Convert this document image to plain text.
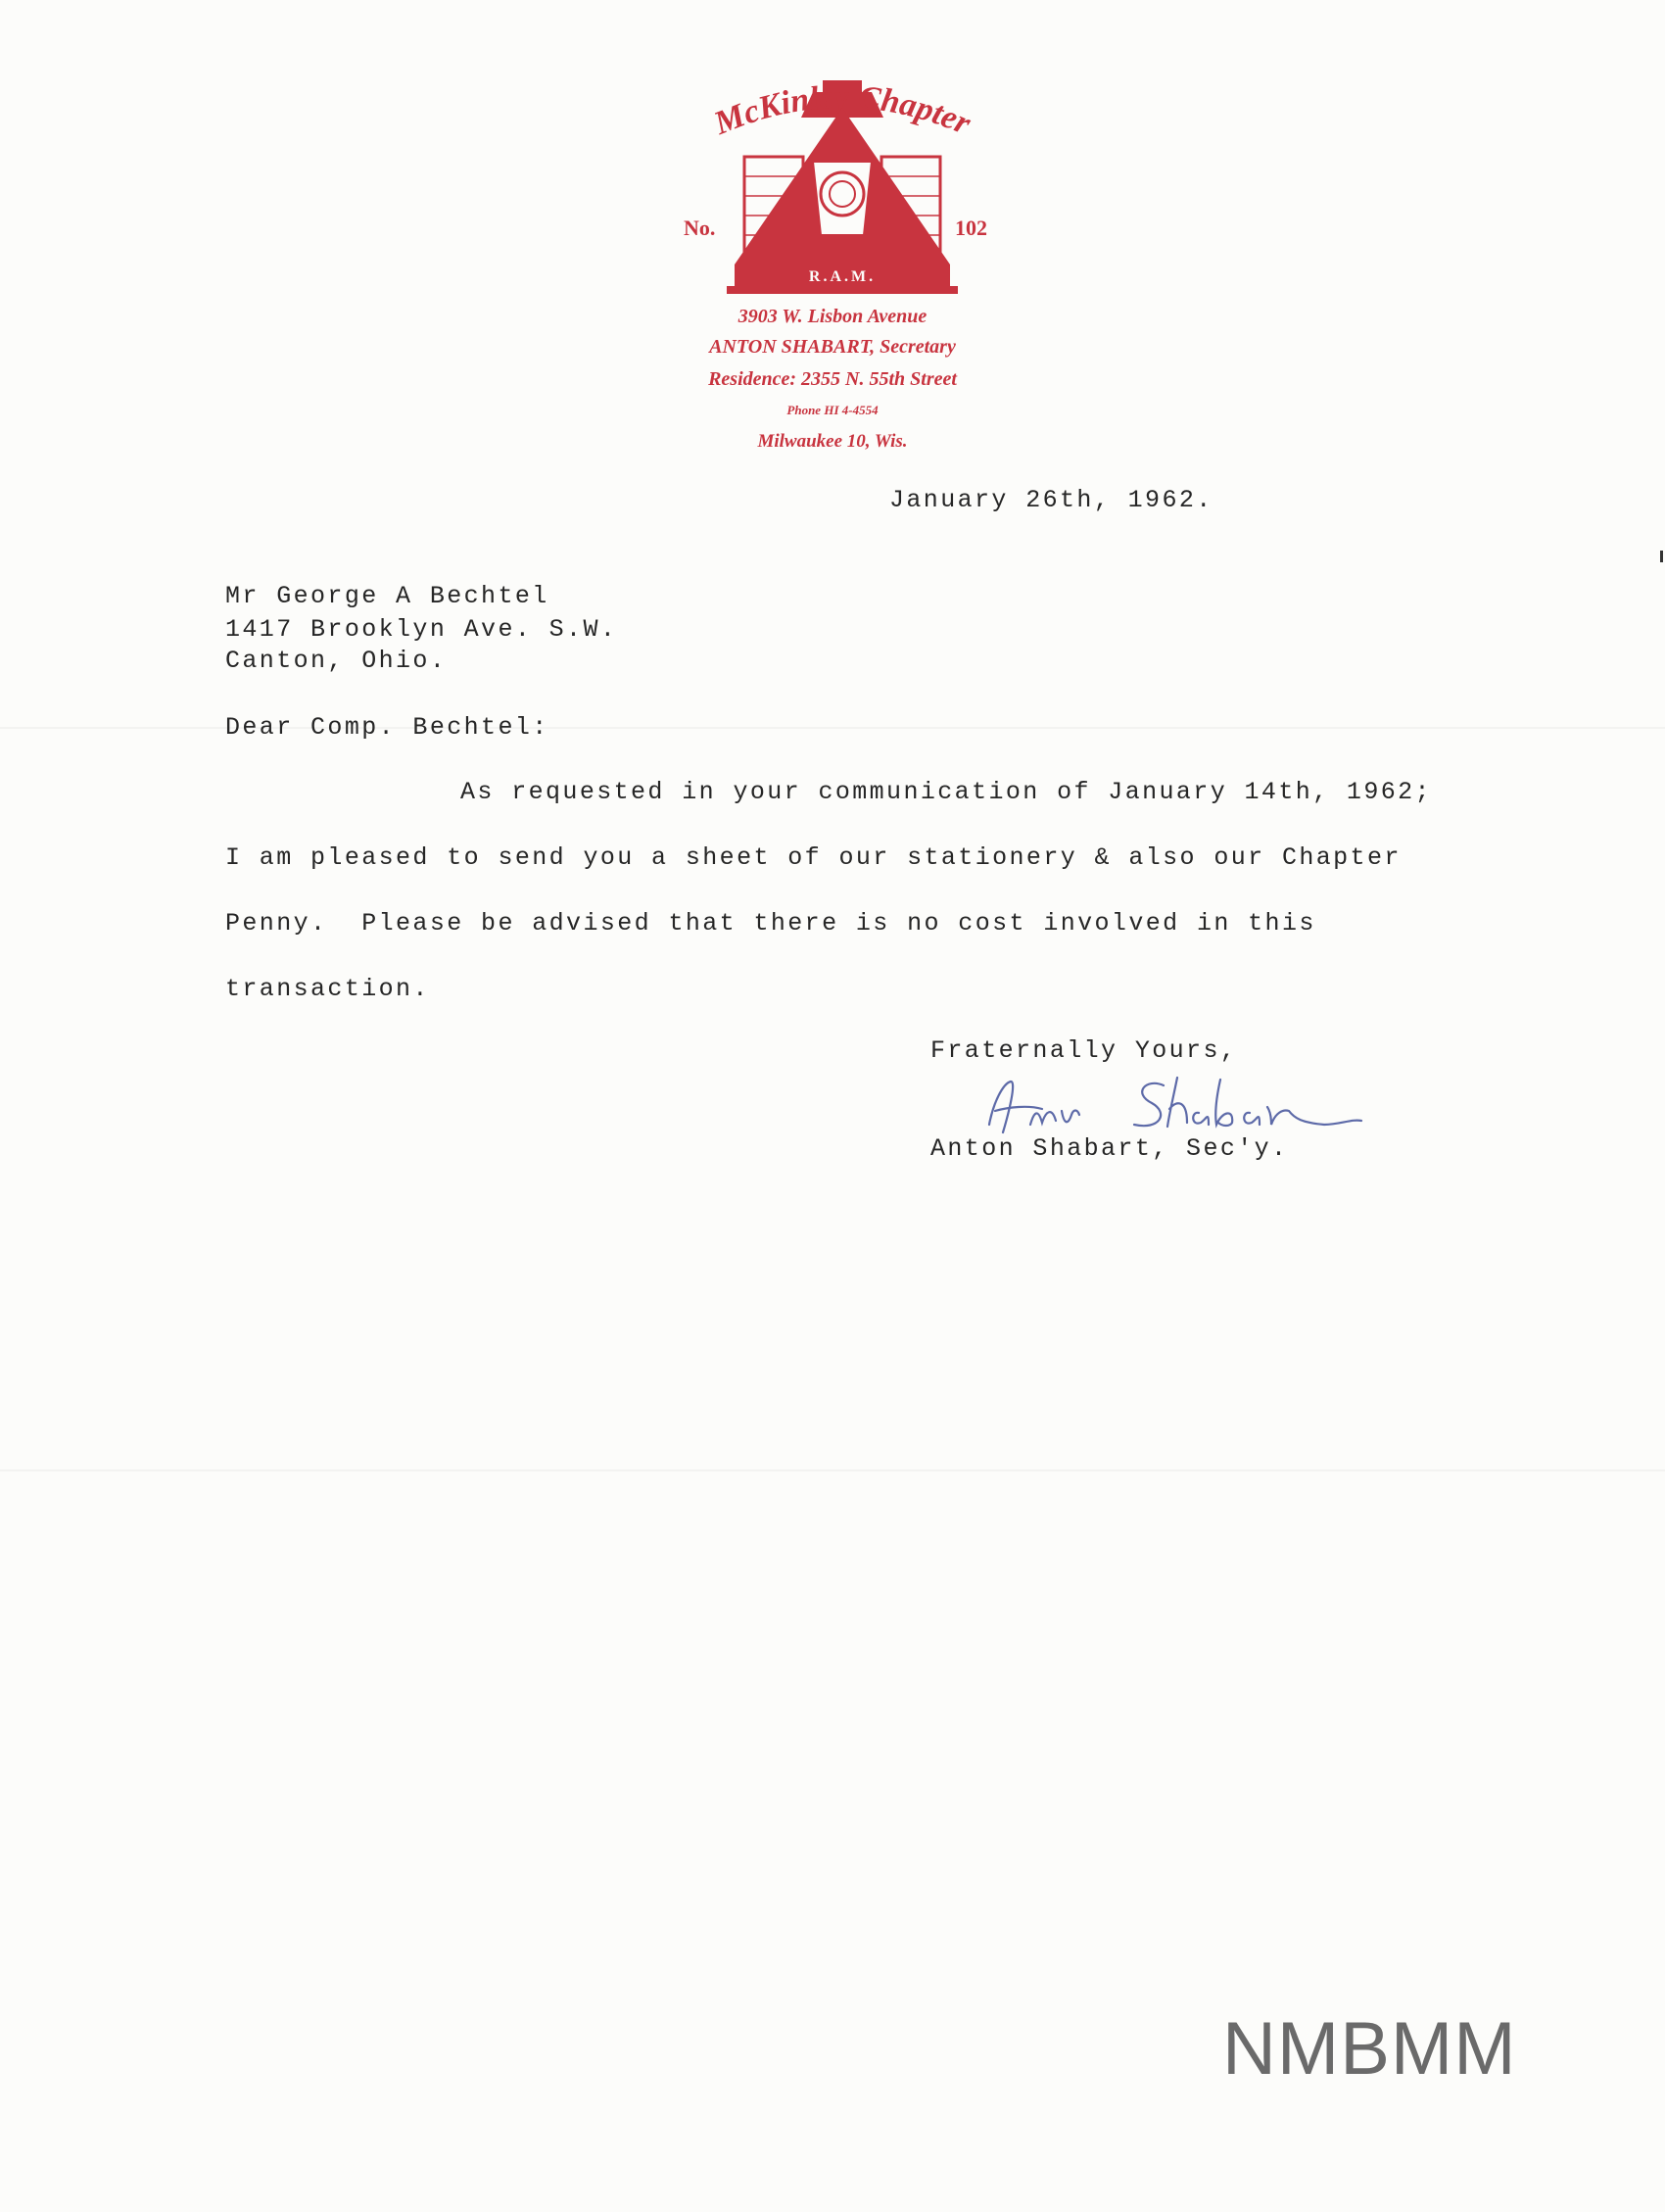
McKinley Chapter
No.	102
R.A.M.
3903 W. Lisbon Avenue
ANTON SHABART, Secretary
Residence: 2355 N. 55th Street
Phone HI 4-4554
Milwaukee 10, Wis.
January 26th, 1962.
Mr George A Bechtel
1417 Brooklyn Ave. S.W.
Canton, Ohio.
Dear Comp. Bechtel:
As requested in your communication of January 14th, 1962;
I am pleased to send you a sheet of our stationery & also our Chapter
Penny.  Please be advised that there is no cost involved in this
transaction.
Fraternally Yours,
Anton Shabart, Sec'y.
NMBMM
